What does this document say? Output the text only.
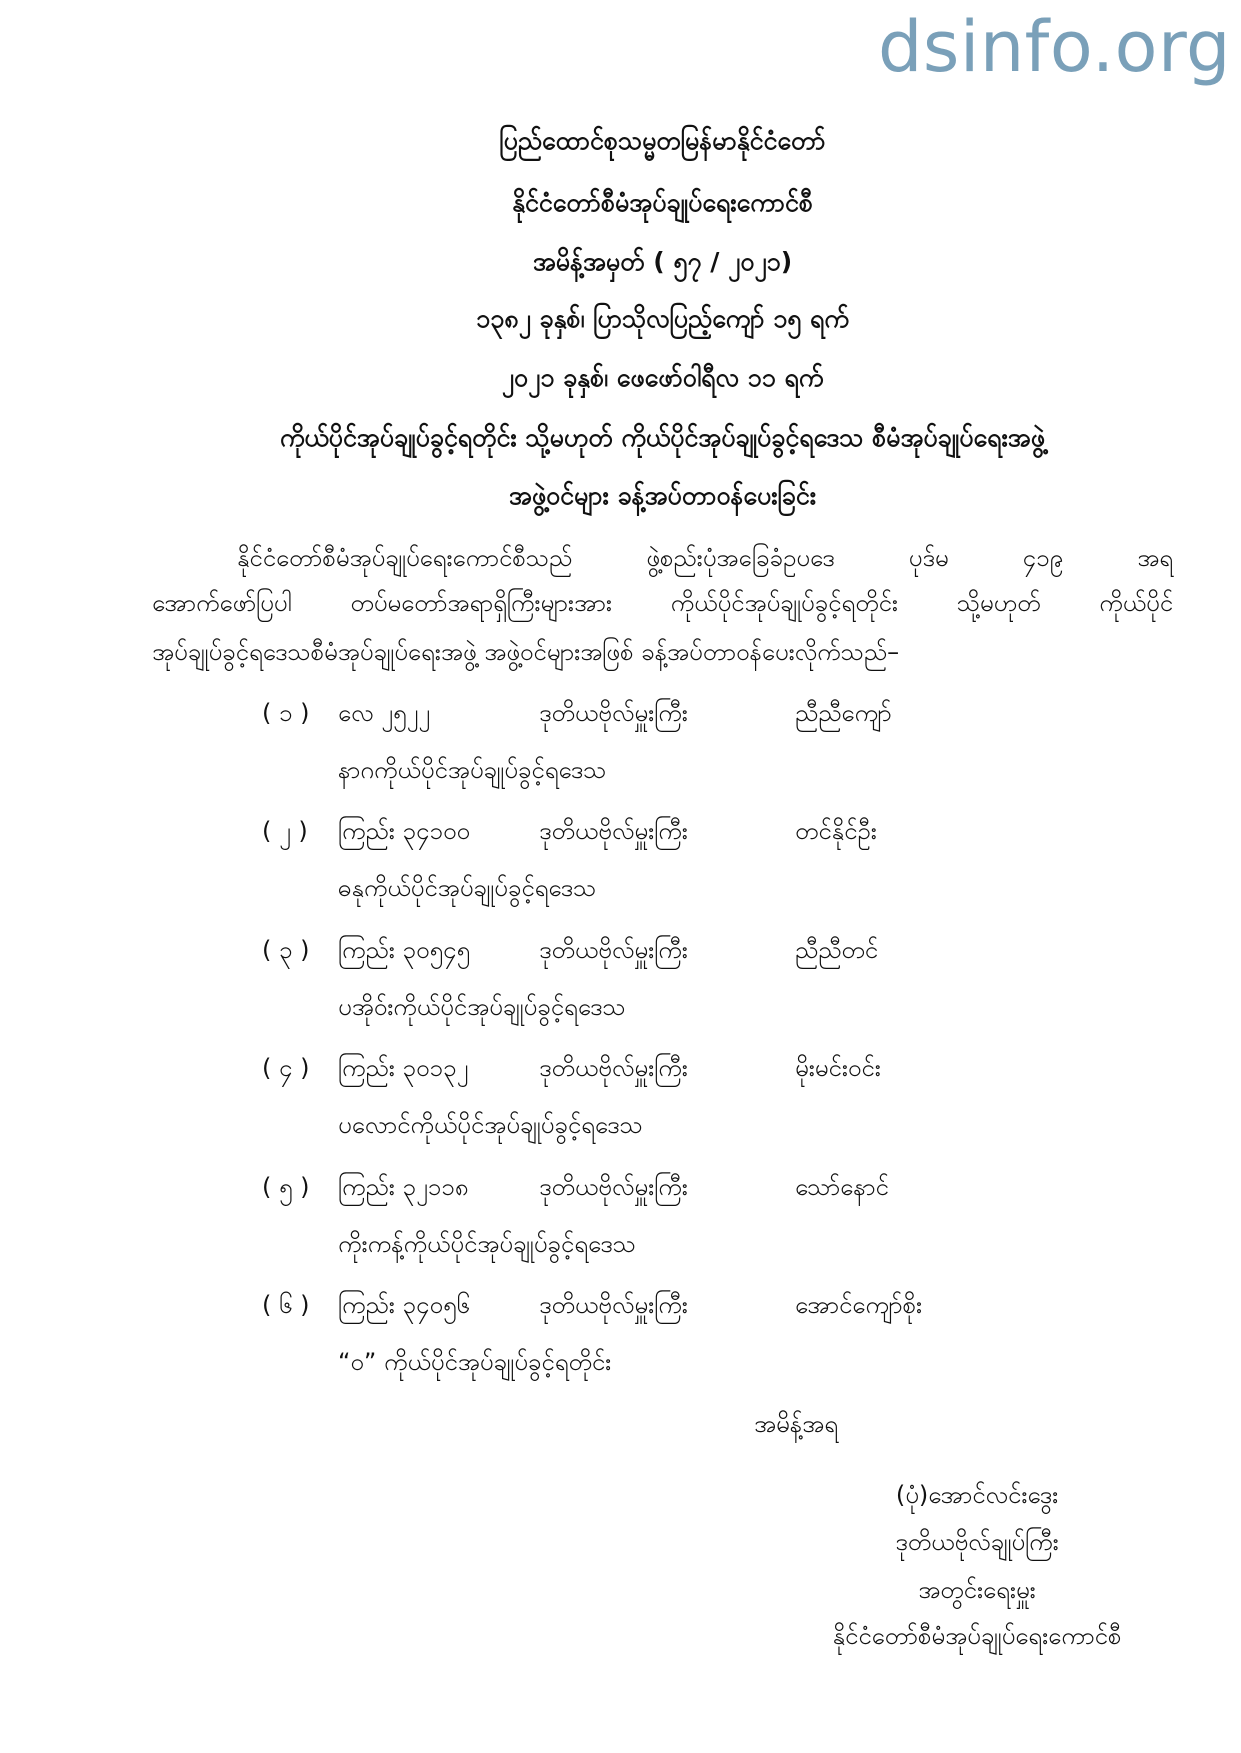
dsinfo.org
ပြည်ထောင်စုသမ္မတမြန်မာနိုင်ငံတော်
နိုင်ငံတော်စီမံအုပ်ချုပ်ရေးကောင်စီ
အမိန့်အမှတ် ( ၅၇ / ၂၀၂၁)
၁၃၈၂ ခုနှစ်၊ ပြာသိုလပြည့်ကျော် ၁၅ ရက်
၂၀၂၁ ခုနှစ်၊ ဖေဖော်ဝါရီလ ၁၁ ရက်
ကိုယ်ပိုင်အုပ်ချုပ်ခွင့်ရတိုင်း သို့မဟုတ် ကိုယ်ပိုင်အုပ်ချုပ်ခွင့်ရဒေသ စီမံအုပ်ချုပ်ရေးအဖွဲ့
အဖွဲ့ဝင်များ ခန့်အပ်တာဝန်ပေးခြင်း
နိုင်ငံတော်စီမံအုပ်ချုပ်ရေးကောင်စီသည် ဖွဲ့စည်းပုံအခြေခံဥပဒေ ပုဒ်မ ၄၁၉ အရ
အောက်ဖော်ပြပါ တပ်မတော်အရာရှိကြီးများအား ကိုယ်ပိုင်အုပ်ချုပ်ခွင့်ရတိုင်း သို့မဟုတ် ကိုယ်ပိုင်
အုပ်ချုပ်ခွင့်ရဒေသစီမံအုပ်ချုပ်ရေးအဖွဲ့ အဖွဲ့ဝင်များအဖြစ် ခန့်အပ်တာဝန်ပေးလိုက်သည်–
( ၁ ) လေ ၂၅၂၂	ဒုတိယဗိုလ်မှူးကြီး	ညီညီကျော်
နာဂကိုယ်ပိုင်အုပ်ချုပ်ခွင့်ရဒေသ
( ၂ ) ကြည်း ၃၄၁၀၀	ဒုတိယဗိုလ်မှူးကြီး	တင်နိုင်ဦး
ဓနုကိုယ်ပိုင်အုပ်ချုပ်ခွင့်ရဒေသ
( ၃ ) ကြည်း ၃၀၅၄၅	ဒုတိယဗိုလ်မှူးကြီး	ညီညီတင်
ပအိုဝ်းကိုယ်ပိုင်အုပ်ချုပ်ခွင့်ရဒေသ
( ၄ ) ကြည်း ၃၀၁၃၂	ဒုတိယဗိုလ်မှူးကြီး	မိုးမင်းဝင်း
ပလောင်ကိုယ်ပိုင်အုပ်ချုပ်ခွင့်ရဒေသ
( ၅ ) ကြည်း ၃၂၁၁၈	ဒုတိယဗိုလ်မှူးကြီး	သော်နောင်
ကိုးကန့်ကိုယ်ပိုင်အုပ်ချုပ်ခွင့်ရဒေသ
( ၆ ) ကြည်း ၃၄၀၅၆	ဒုတိယဗိုလ်မှူးကြီး	အောင်ကျော်စိုး
“ဝ” ကိုယ်ပိုင်အုပ်ချုပ်ခွင့်ရတိုင်း
အမိန့်အရ
(ပုံ)အောင်လင်းဒွေး
ဒုတိယဗိုလ်ချုပ်ကြီး
အတွင်းရေးမှူး
နိုင်ငံတော်စီမံအုပ်ချုပ်ရေးကောင်စီ
